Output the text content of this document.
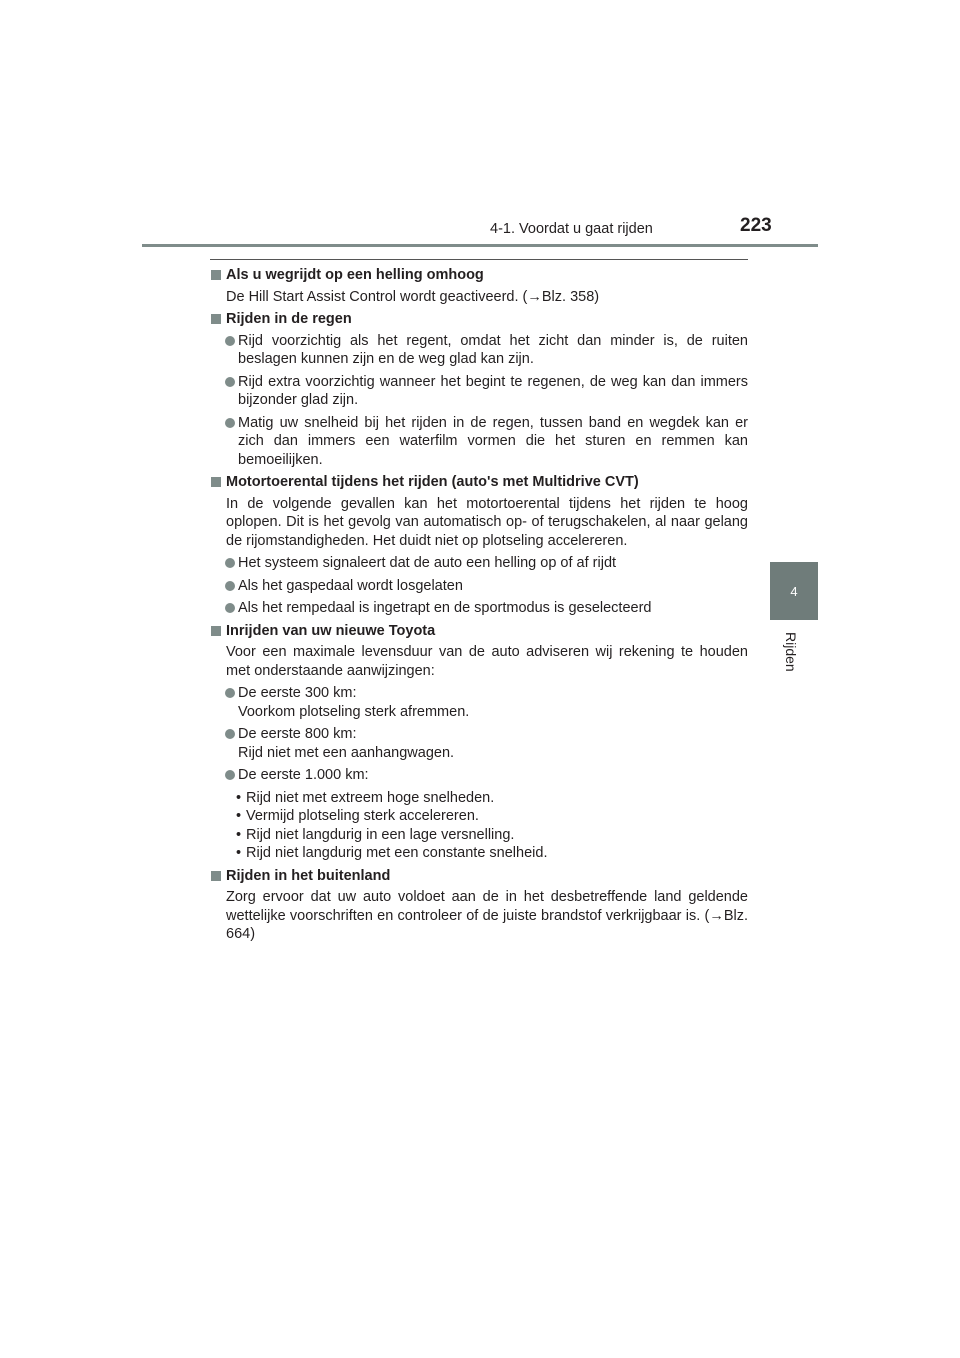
4-1. Voordat u gaat rijden	223
4
Rijden
Als u wegrijdt op een helling omhoog
De Hill Start Assist Control wordt geactiveerd. (→Blz. 358)
Rijden in de regen
Rijd voorzichtig als het regent, omdat het zicht dan minder is, de ruiten beslagen kunnen zijn en de weg glad kan zijn.
Rijd extra voorzichtig wanneer het begint te regenen, de weg kan dan immers bijzonder glad zijn.
Matig uw snelheid bij het rijden in de regen, tussen band en wegdek kan er zich dan immers een waterfilm vormen die het sturen en remmen kan bemoeilijken.
Motortoerental tijdens het rijden (auto's met Multidrive CVT)
In de volgende gevallen kan het motortoerental tijdens het rijden te hoog oplopen. Dit is het gevolg van automatisch op- of terugschakelen, al naar gelang de rijomstandigheden. Het duidt niet op plotseling accelereren.
Het systeem signaleert dat de auto een helling op of af rijdt
Als het gaspedaal wordt losgelaten
Als het rempedaal is ingetrapt en de sportmodus is geselecteerd
Inrijden van uw nieuwe Toyota
Voor een maximale levensduur van de auto adviseren wij rekening te houden met onderstaande aanwijzingen:
De eerste 300 km:
Voorkom plotseling sterk afremmen.
De eerste 800 km:
Rijd niet met een aanhangwagen.
De eerste 1.000 km:
• Rijd niet met extreem hoge snelheden.
• Vermijd plotseling sterk accelereren.
• Rijd niet langdurig in een lage versnelling.
• Rijd niet langdurig met een constante snelheid.
Rijden in het buitenland
Zorg ervoor dat uw auto voldoet aan de in het desbetreffende land geldende wettelijke voorschriften en controleer of de juiste brandstof verkrijgbaar is. (→Blz. 664)
